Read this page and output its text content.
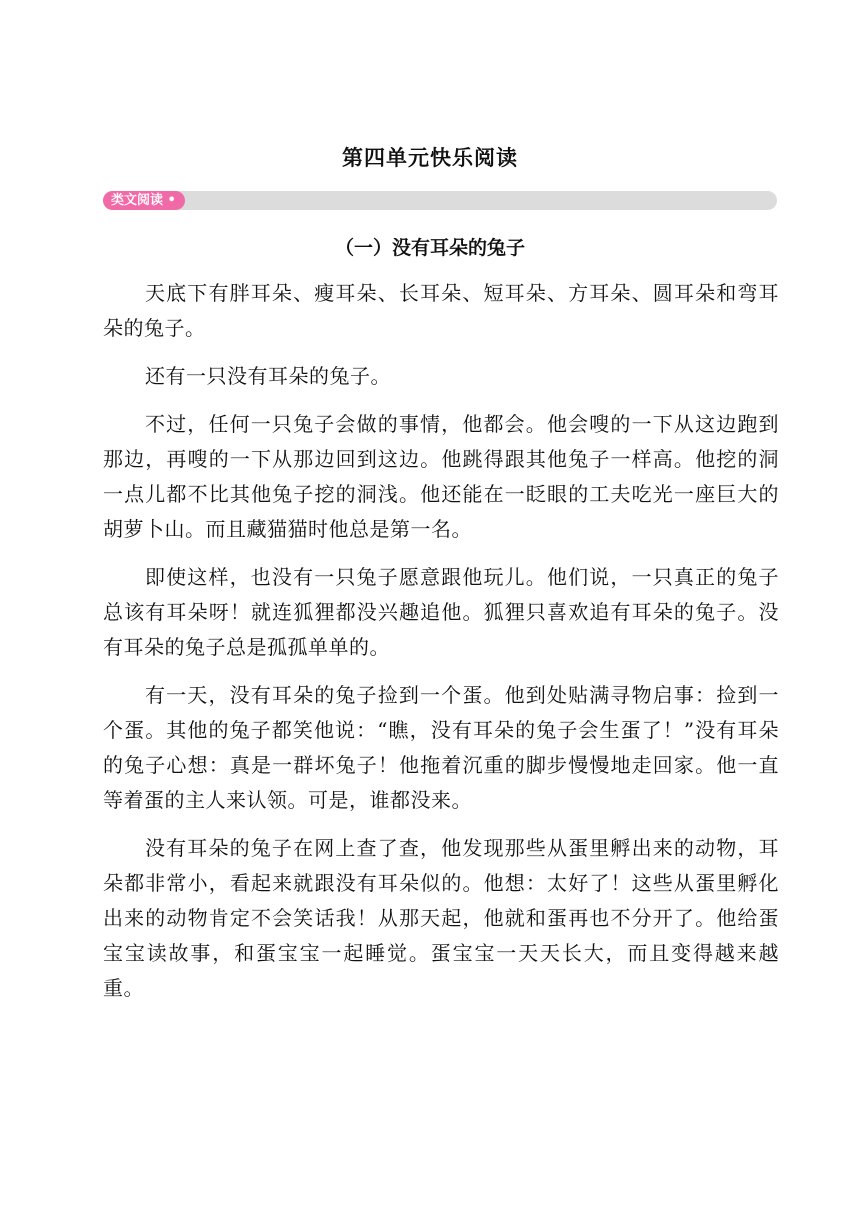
第四单元快乐阅读
类文阅读 •
（一）没有耳朵的兔子

天底下有胖耳朵、瘦耳朵、长耳朵、短耳朵、方耳朵、圆耳朵和弯耳朵的兔子。

还有一只没有耳朵的兔子。

不过，任何一只兔子会做的事情，他都会。他会嗖的一下从这边跑到那边，再嗖的一下从那边回到这边。他跳得跟其他兔子一样高。他挖的洞一点儿都不比其他兔子挖的洞浅。他还能在一眨眼的工夫吃光一座巨大的胡萝卜山。而且藏猫猫时他总是第一名。

即使这样，也没有一只兔子愿意跟他玩儿。他们说，一只真正的兔子总该有耳朵呀！就连狐狸都没兴趣追他。狐狸只喜欢追有耳朵的兔子。没有耳朵的兔子总是孤孤单单的。

有一天，没有耳朵的兔子捡到一个蛋。他到处贴满寻物启事：捡到一个蛋。其他的兔子都笑他说：“瞧，没有耳朵的兔子会生蛋了！”没有耳朵的兔子心想：真是一群坏兔子！他拖着沉重的脚步慢慢地走回家。他一直等着蛋的主人来认领。可是，谁都没来。

没有耳朵的兔子在网上查了查，他发现那些从蛋里孵出来的动物，耳朵都非常小，看起来就跟没有耳朵似的。他想：太好了！这些从蛋里孵化出来的动物肯定不会笑话我！从那天起，他就和蛋再也不分开了。他给蛋宝宝读故事，和蛋宝宝一起睡觉。蛋宝宝一天天长大，而且变得越来越重。
